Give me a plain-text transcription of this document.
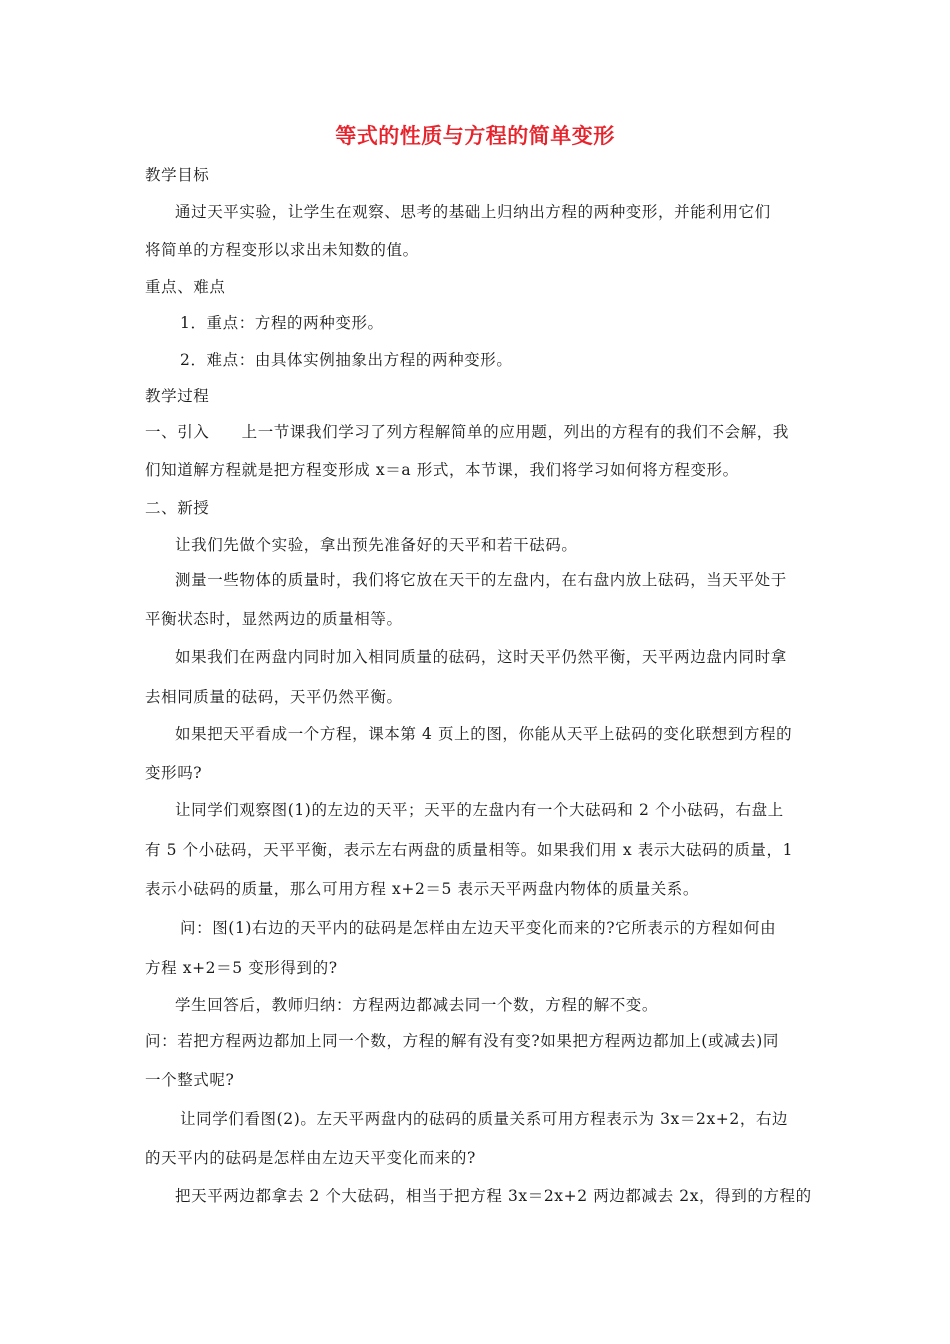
等式的性质与方程的简单变形
教学目标
通过天平实验，让学生在观察、思考的基础上归纳出方程的两种变形，并能利用它们
将简单的方程变形以求出未知数的值。
重点、难点
1．重点：方程的两种变形。
2．难点：由具体实例抽象出方程的两种变形。
教学过程
一、引入　　上一节课我们学习了列方程解简单的应用题，列出的方程有的我们不会解，我
们知道解方程就是把方程变形成 x＝a 形式，本节课，我们将学习如何将方程变形。
二、新授
让我们先做个实验，拿出预先准备好的天平和若干砝码。
测量一些物体的质量时，我们将它放在天干的左盘内，在右盘内放上砝码，当天平处于
平衡状态时，显然两边的质量相等。
如果我们在两盘内同时加入相同质量的砝码，这时天平仍然平衡，天平两边盘内同时拿
去相同质量的砝码，天平仍然平衡。
如果把天平看成一个方程，课本第 4 页上的图，你能从天平上砝码的变化联想到方程的
变形吗?
让同学们观察图(1)的左边的天平；天平的左盘内有一个大砝码和 2 个小砝码，右盘上
有 5 个小砝码，天平平衡，表示左右两盘的质量相等。如果我们用 x 表示大砝码的质量，1
表示小砝码的质量，那么可用方程 x+2＝5 表示天平两盘内物体的质量关系。
问：图(1)右边的天平内的砝码是怎样由左边天平变化而来的?它所表示的方程如何由
方程 x+2＝5 变形得到的?
学生回答后，教师归纳：方程两边都减去同一个数，方程的解不变。
问：若把方程两边都加上同一个数，方程的解有没有变?如果把方程两边都加上(或减去)同
一个整式呢?
让同学们看图(2)。左天平两盘内的砝码的质量关系可用方程表示为 3x＝2x+2，右边
的天平内的砝码是怎样由左边天平变化而来的?
把天平两边都拿去 2 个大砝码，相当于把方程 3x＝2x+2 两边都减去 2x，得到的方程的
